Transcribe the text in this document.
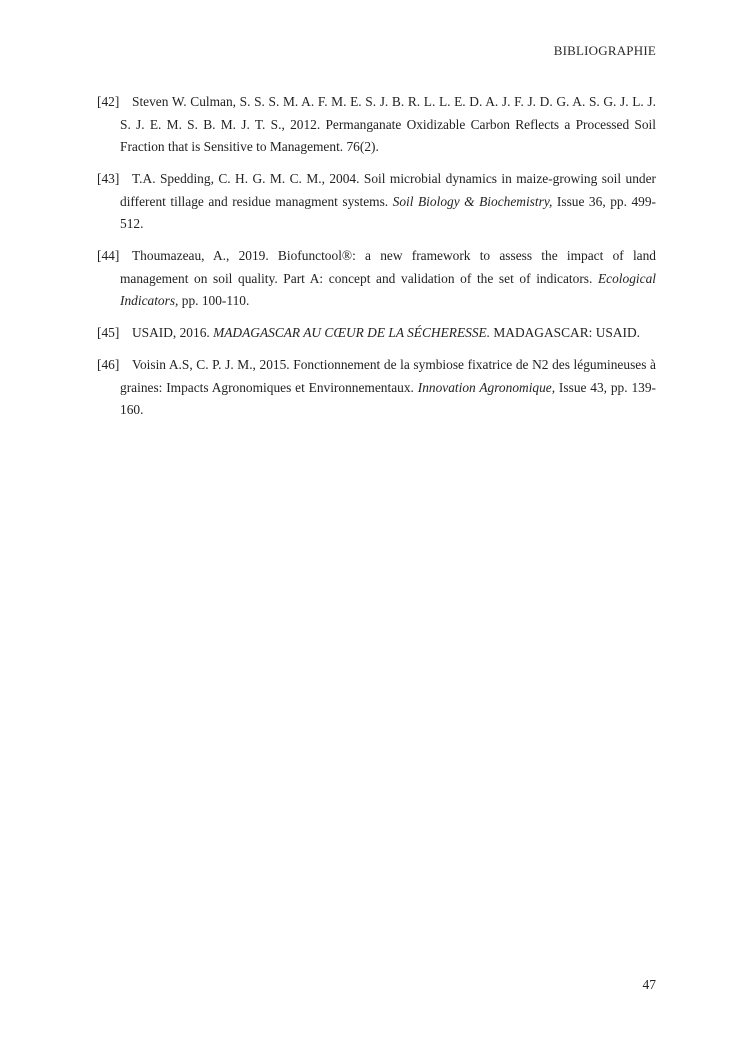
BIBLIOGRAPHIE
[42] Steven W. Culman, S. S. S. M. A. F. M. E. S. J. B. R. L. L. E. D. A. J. F. J. D. G. A. S. G. J. L. J. S. J. E. M. S. B. M. J. T. S., 2012. Permanganate Oxidizable Carbon Reflects a Processed Soil Fraction that is Sensitive to Management. 76(2).
[43] T.A. Spedding, C. H. G. M. C. M., 2004. Soil microbial dynamics in maize-growing soil under different tillage and residue managment systems. Soil Biology & Biochemistry, Issue 36, pp. 499-512.
[44] Thoumazeau, A., 2019. Biofunctool®: a new framework to assess the impact of land management on soil quality. Part A: concept and validation of the set of indicators. Ecological Indicators, pp. 100-110.
[45] USAID, 2016. MADAGASCAR AU CŒUR DE LA SÉCHERESSE. MADAGASCAR: USAID.
[46] Voisin A.S, C. P. J. M., 2015. Fonctionnement de la symbiose fixatrice de N2 des légumineuses à graines: Impacts Agronomiques et Environnementaux. Innovation Agronomique, Issue 43, pp. 139-160.
47
